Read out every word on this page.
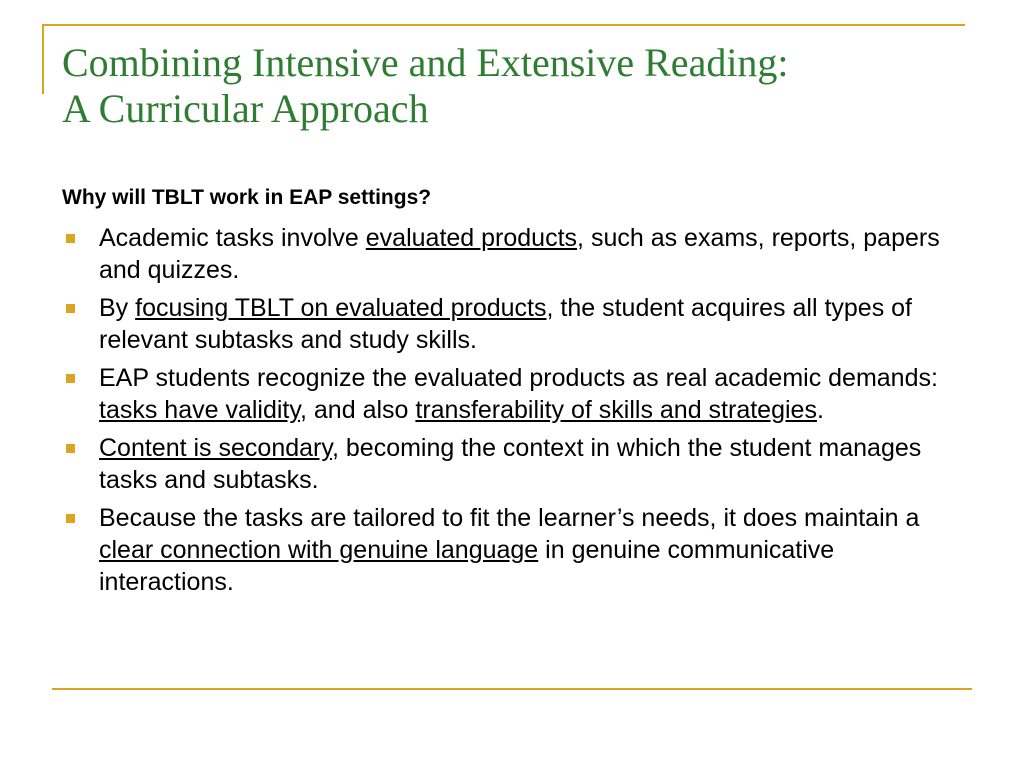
Combining Intensive and Extensive Reading:
A Curricular Approach

Why will TBLT work in EAP settings?

Academic tasks involve evaluated products, such as exams, reports, papers and quizzes.
By focusing TBLT on evaluated products, the student acquires all types of relevant subtasks and study skills.
EAP students recognize the evaluated products as real academic demands: tasks have validity, and also transferability of skills and strategies.
Content is secondary, becoming the context in which the student manages tasks and subtasks.
Because the tasks are tailored to fit the learner’s needs, it does maintain a clear connection with genuine language in genuine communicative interactions.
